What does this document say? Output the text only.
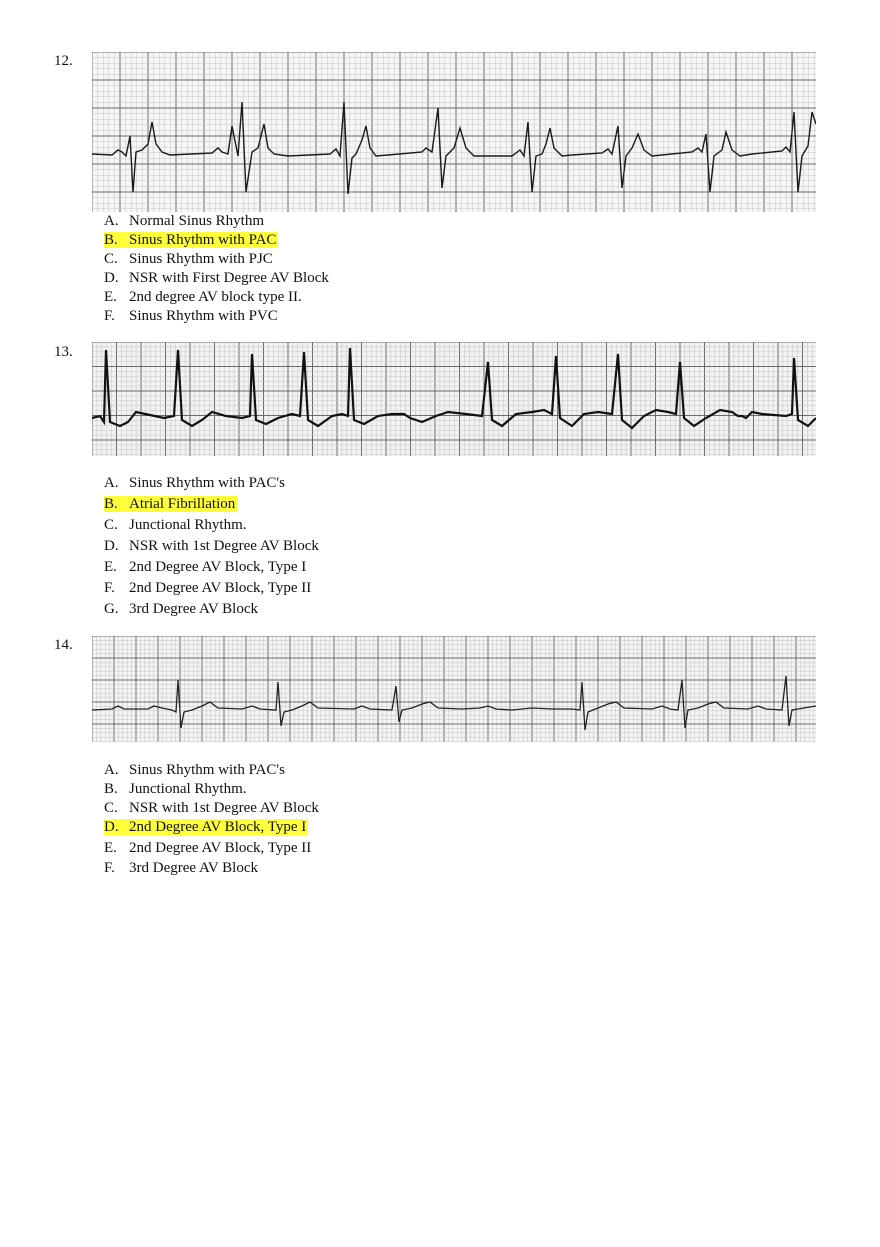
12.
A. Normal Sinus Rhythm
B. Sinus Rhythm with PAC
C. Sinus Rhythm with PJC
D. NSR with First Degree AV Block
E. 2nd degree AV block type II.
F. Sinus Rhythm with PVC
13.
A. Sinus Rhythm with PAC's
B. Atrial Fibrillation
C. Junctional Rhythm.
D. NSR with 1st Degree AV Block
E. 2nd Degree AV Block, Type I
F. 2nd Degree AV Block, Type II
G. 3rd Degree AV Block
14.
A. Sinus Rhythm with PAC's
B. Junctional Rhythm.
C. NSR with 1st Degree AV Block
D. 2nd Degree AV Block, Type I
E. 2nd Degree AV Block, Type II
F. 3rd Degree AV Block
